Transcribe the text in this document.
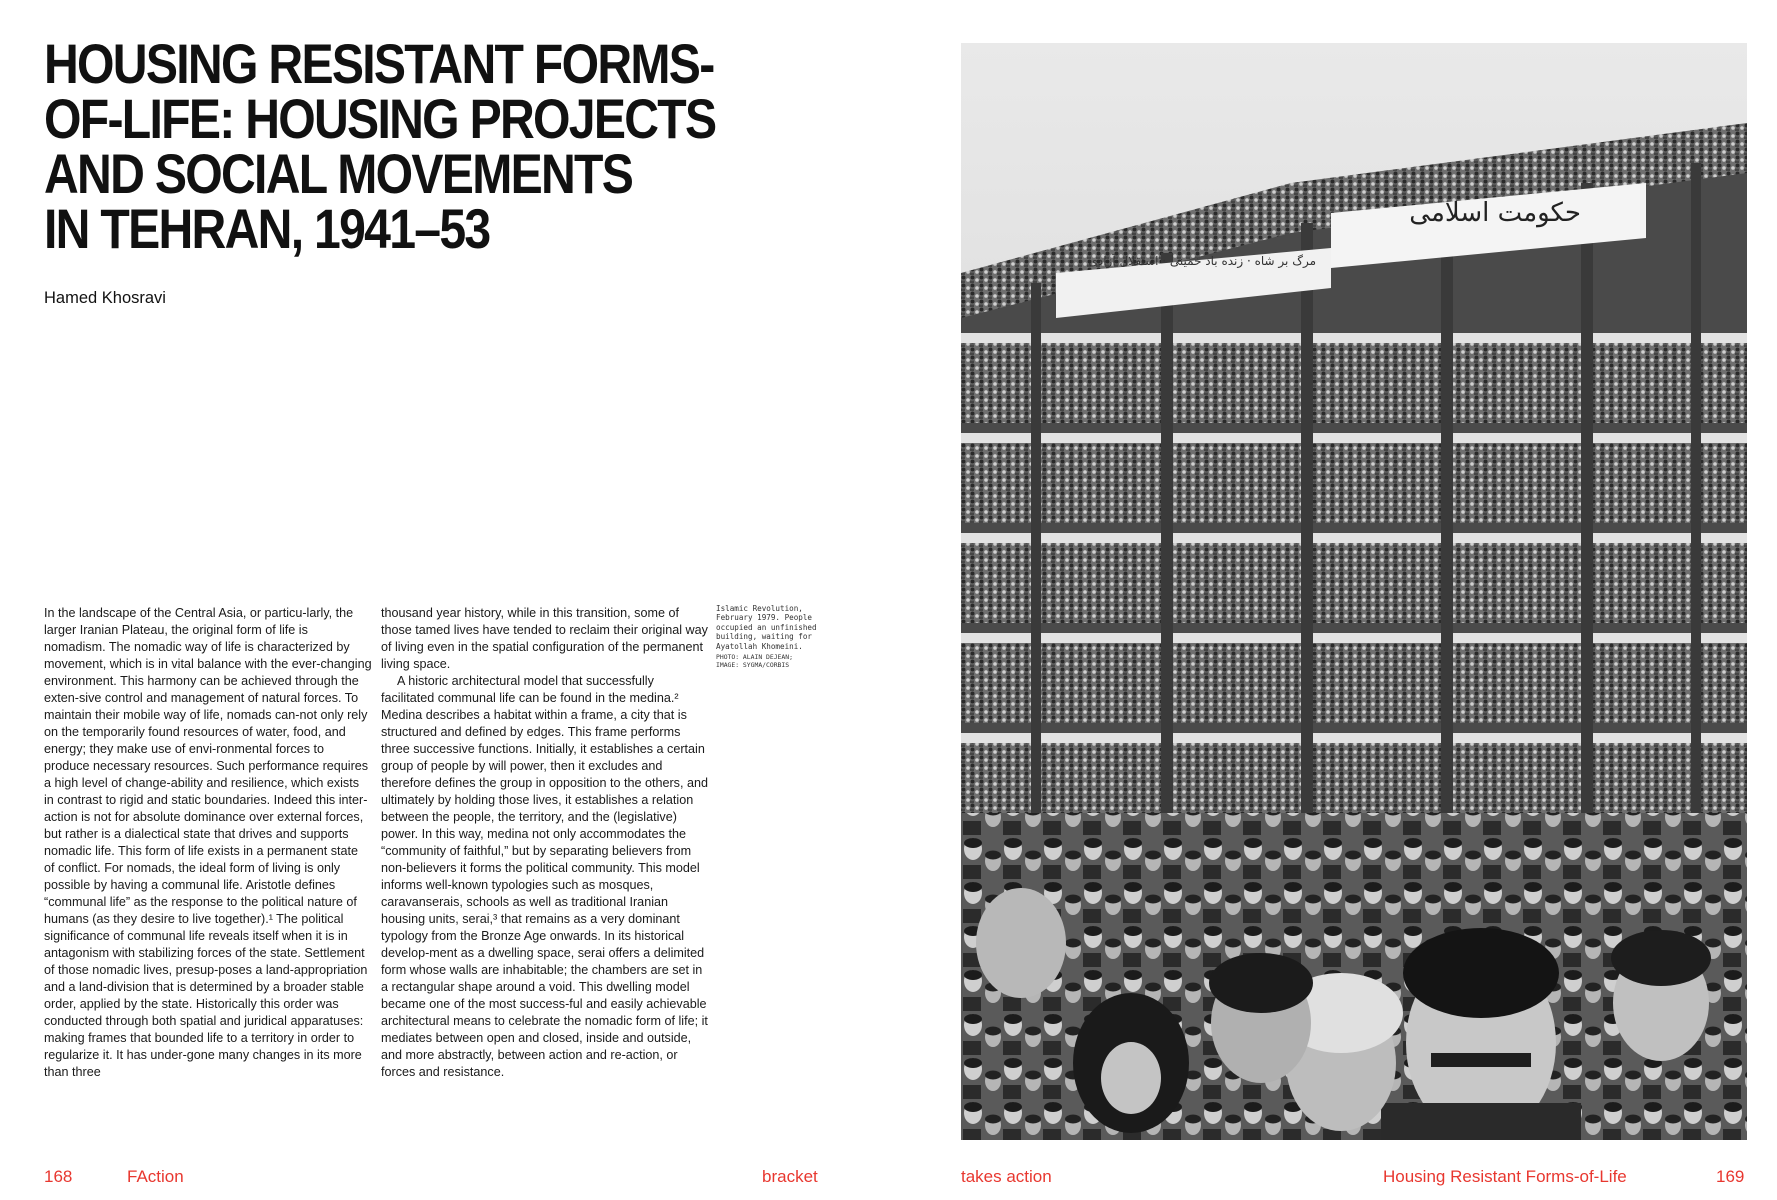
HOUSING RESISTANT FORMS-
OF-LIFE: HOUSING PROJECTS
AND SOCIAL MOVEMENTS
IN TEHRAN, 1941–53
Hamed Khosravi

In the landscape of the Central Asia, or particu-larly, the larger Iranian Plateau, the original form of life is nomadism. The nomadic way of life is characterized by movement, which is in vital balance with the ever-changing environment. This harmony can be achieved through the exten-sive control and management of natural forces. To maintain their mobile way of life, nomads can-not only rely on the temporarily found resources of water, food, and energy; they make use of envi-ronmental forces to produce necessary resources. Such performance requires a high level of change-ability and resilience, which exists in contrast to rigid and static boundaries. Indeed this inter-action is not for absolute dominance over external forces, but rather is a dialectical state that drives and supports nomadic life. This form of life exists in a permanent state of conflict. For nomads, the ideal form of living is only possible by having a communal life. Aristotle defines “communal life” as the response to the political nature of humans (as they desire to live together).¹ The political significance of communal life reveals itself when it is in antagonism with stabilizing forces of the state. Settlement of those nomadic lives, presup-poses a land-appropriation and a land-division that is determined by a broader stable order, applied by the state. Historically this order was conducted through both spatial and juridical apparatuses: making frames that bounded life to a territory in order to regularize it. It has under-gone many changes in its more than three

thousand year history, while in this transition, some of those tamed lives have tended to reclaim their original way of living even in the spatial configuration of the permanent living space.

A historic architectural model that successfully facilitated communal life can be found in the medina.² Medina describes a habitat within a frame, a city that is structured and defined by edges. This frame performs three successive functions. Initially, it establishes a certain group of people by will power, then it excludes and therefore defines the group in opposition to the others, and ultimately by holding those lives, it establishes a relation between the people, the territory, and the (legislative) power. In this way, medina not only accommodates the “community of faithful,” but by separating believers from non-believers it forms the political community. This model informs well-known typologies such as mosques, caravanserais, schools as well as traditional Iranian housing units, serai,³ that remains as a very dominant typology from the Bronze Age onwards. In its historical develop-ment as a dwelling space, serai offers a delimited form whose walls are inhabitable; the chambers are set in a rectangular shape around a void. This dwelling model became one of the most success-ful and easily achievable architectural means to celebrate the nomadic form of life; it mediates between open and closed, inside and outside, and more abstractly, between action and re-action, or forces and resistance.

Islamic Revolution, February 1979. People occupied an unfinished building, waiting for Ayatollah Khomeini.
PHOTO: ALAIN DEJEAN;
IMAGE: SYGMA/CORBIS
حکومت اسلامی
مرگ بر شاه · زنده باد خمینی · استقلال آزادی
168	FAction	bracket	takes action	Housing Resistant Forms-of-Life	169
